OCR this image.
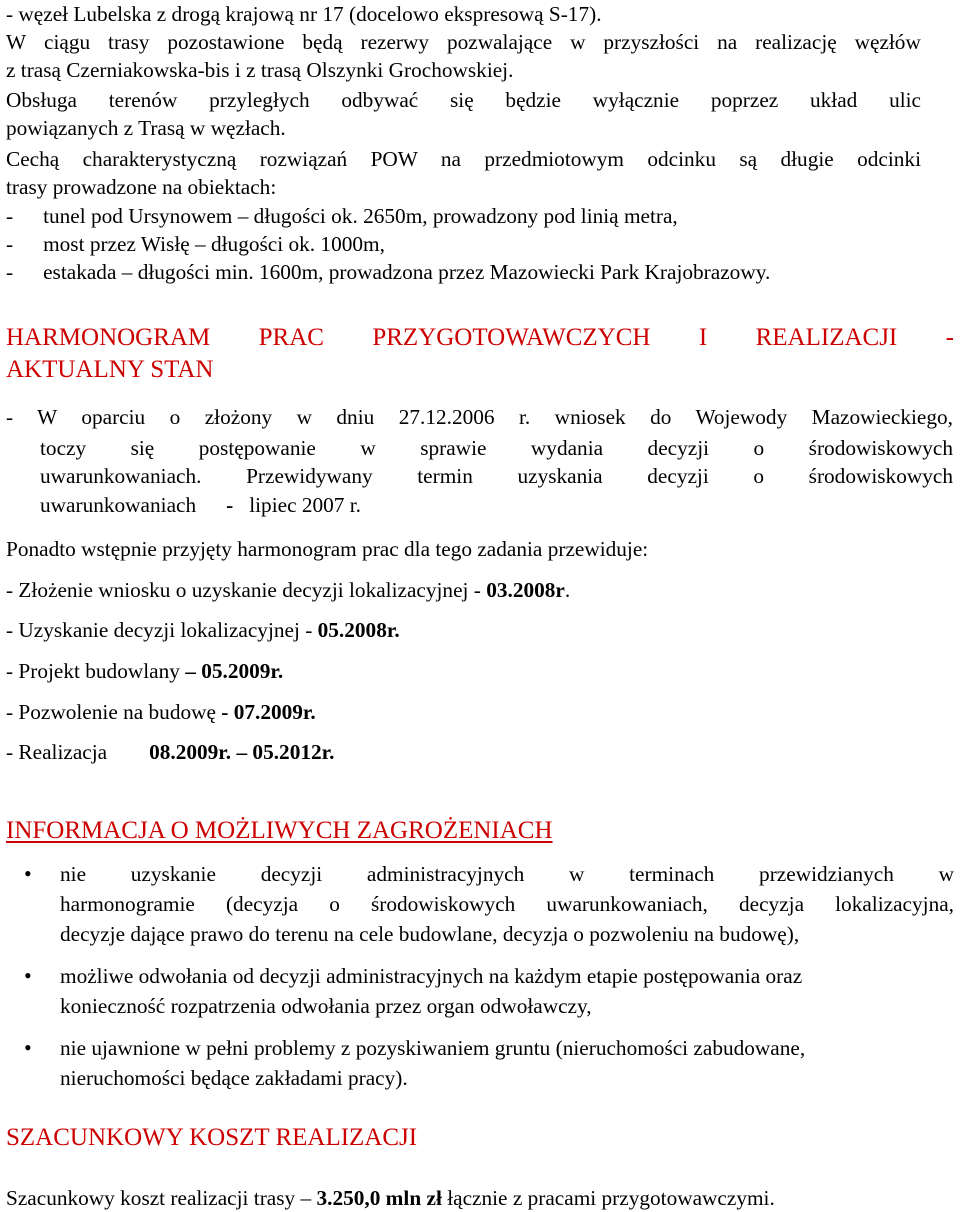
- węzeł Lubelska z drogą krajową nr 17 (docelowo ekspresową S-17).

W ciągu trasy pozostawione będą rezerwy pozwalające w przyszłości na realizację węzłów

z trasą Czerniakowska-bis i z trasą Olszynki Grochowskiej.

Obsługa terenów przyległych odbywać się będzie wyłącznie poprzez układ ulic

powiązanych z Trasą w węzłach.

Cechą charakterystyczną rozwiązań POW na przedmiotowym odcinku są długie odcinki

trasy prowadzone na obiektach:

- tunel pod Ursynowem – długości ok. 2650m, prowadzony pod linią metra,

- most przez Wisłę – długości ok. 1000m,

- estakada – długości min. 1600m, prowadzona przez Mazowiecki Park Krajobrazowy.

HARMONOGRAM PRAC PRZYGOTOWAWCZYCH I REALIZACJI -
AKTUALNY STAN

- W oparciu o złożony w dniu 27.12.2006 r. wniosek do Wojewody Mazowieckiego,

toczy się postępowanie w sprawie wydania decyzji o środowiskowych

uwarunkowaniach. Przewidywany termin uzyskania decyzji o środowiskowych

uwarunkowaniach - lipiec 2007 r.

Ponadto wstępnie przyjęty harmonogram prac dla tego zadania przewiduje:

- Złożenie wniosku o uzyskanie decyzji lokalizacyjnej - 03.2008r.

- Uzyskanie decyzji lokalizacyjnej - 05.2008r.

- Projekt budowlany – 05.2009r.

- Pozwolenie na budowę - 07.2009r.

- Realizacja 08.2009r. – 05.2012r.

INFORMACJA O MOŻLIWYCH ZAGROŻENIACH
• nie uzyskanie decyzji administracyjnych w terminach przewidzianych w

harmonogramie (decyzja o środowiskowych uwarunkowaniach, decyzja lokalizacyjna,

decyzje dające prawo do terenu na cele budowlane, decyzja o pozwoleniu na budowę),

• możliwe odwołania od decyzji administracyjnych na każdym etapie postępowania oraz

konieczność rozpatrzenia odwołania przez organ odwoławczy,

• nie ujawnione w pełni problemy z pozyskiwaniem gruntu (nieruchomości zabudowane,

nieruchomości będące zakładami pracy).

SZACUNKOWY KOSZT REALIZACJI

Szacunkowy koszt realizacji trasy – 3.250,0 mln zł łącznie z pracami przygotowawczymi.
